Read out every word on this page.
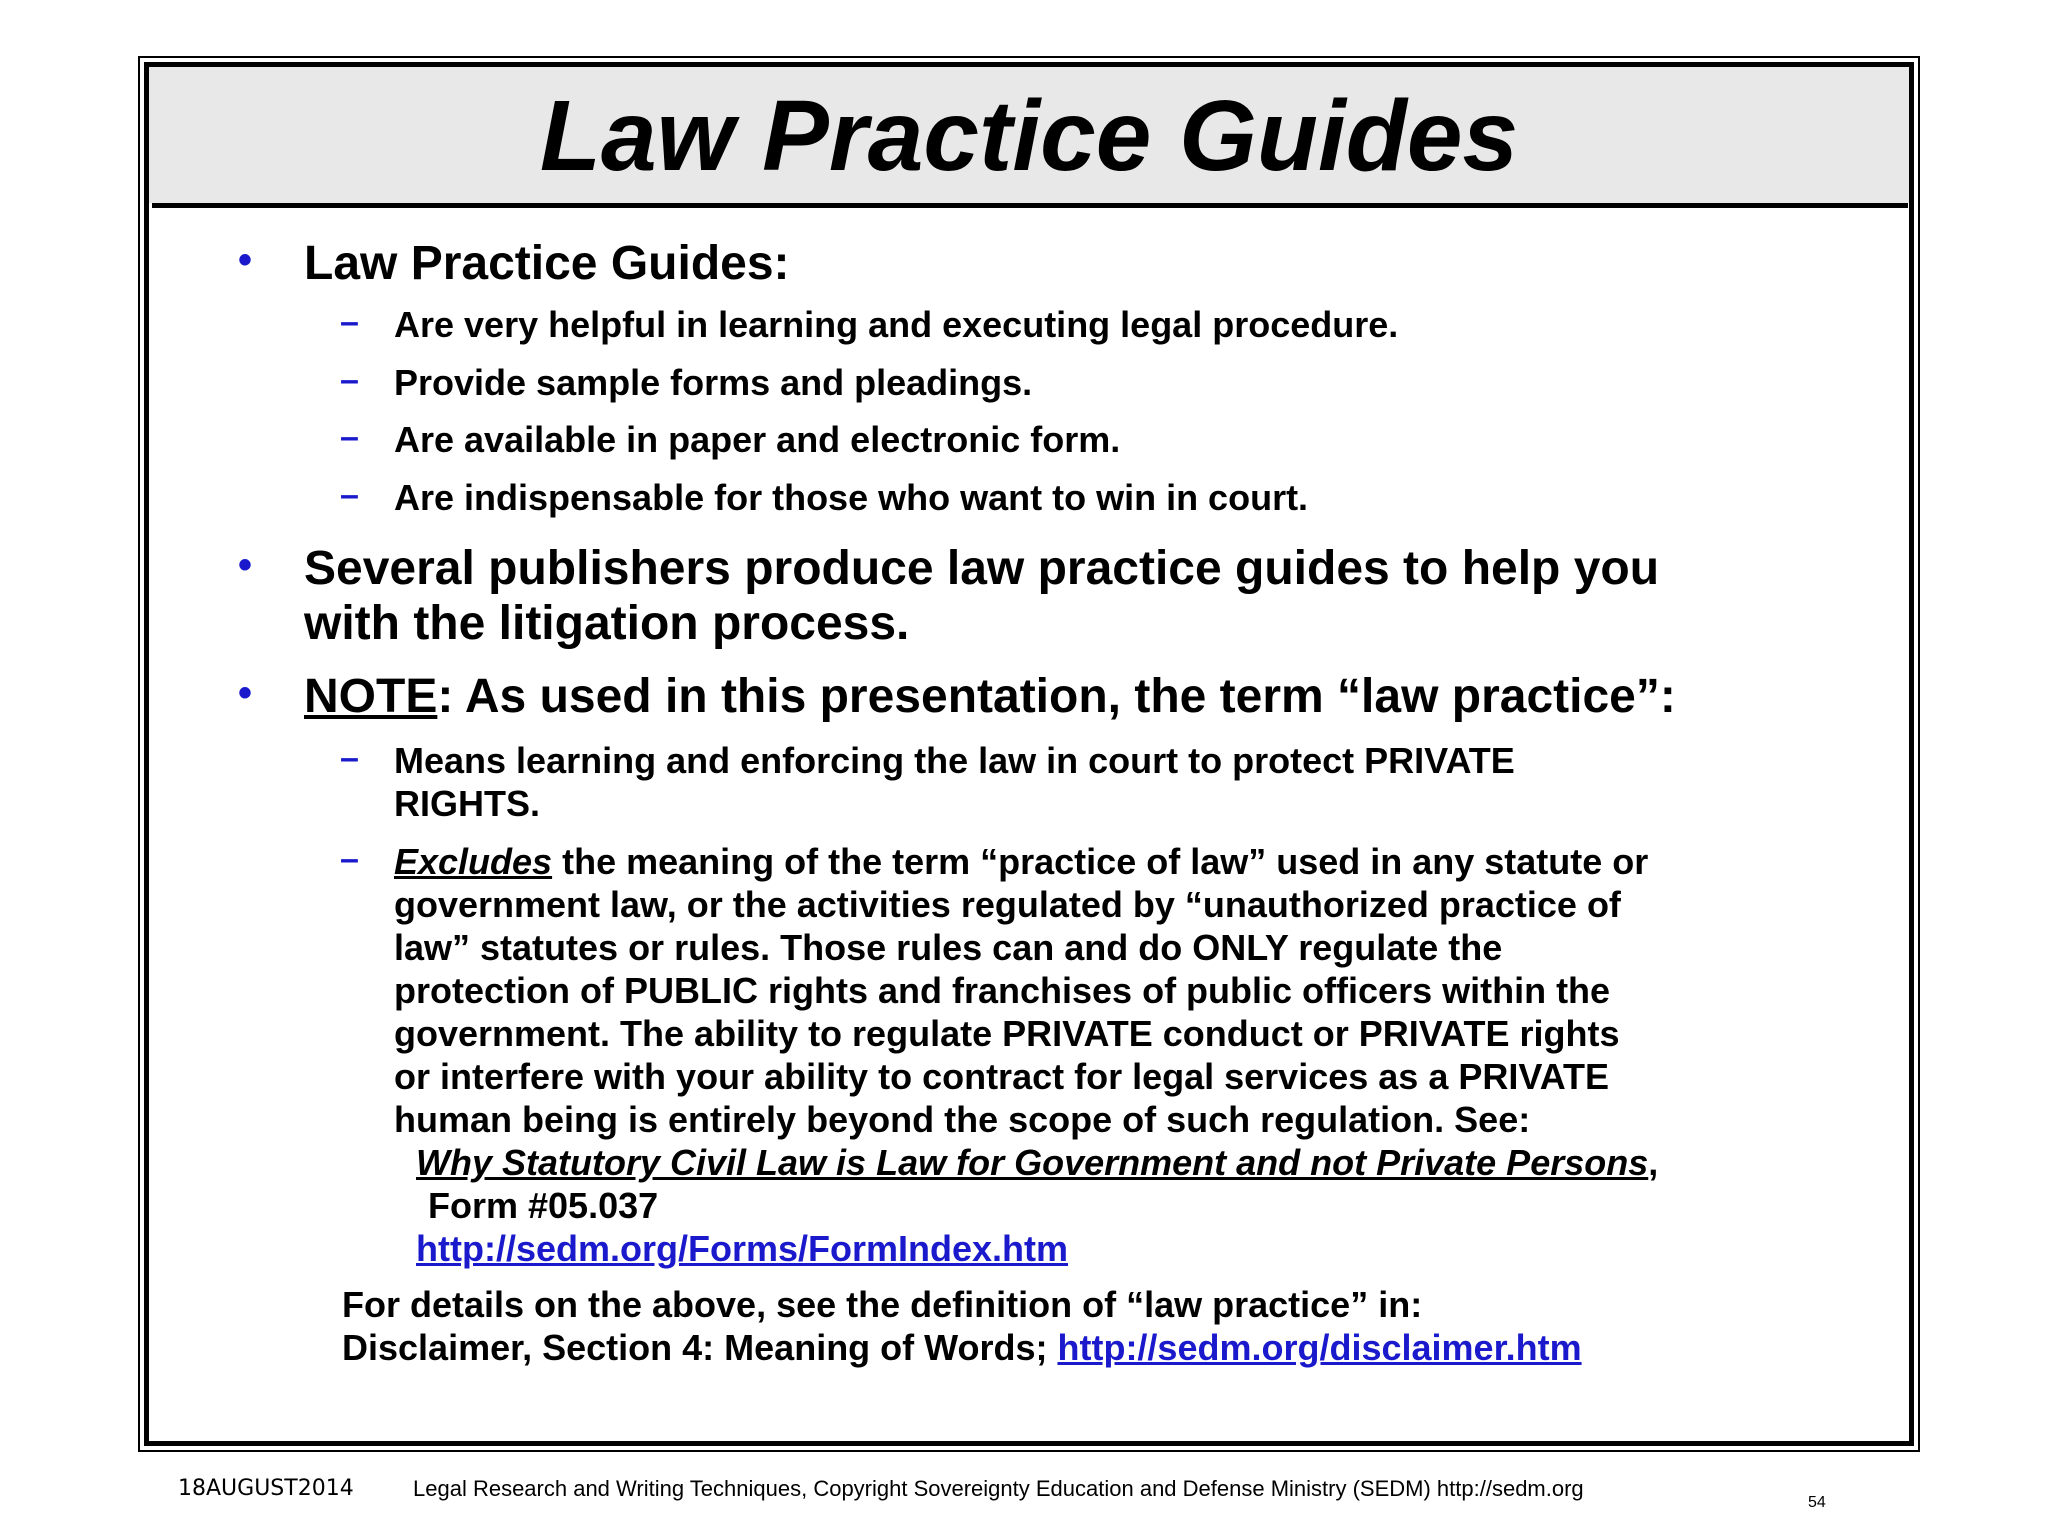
Law Practice Guides
• Law Practice Guides:
– Are very helpful in learning and executing legal procedure.
– Provide sample forms and pleadings.
– Are available in paper and electronic form.
– Are indispensable for those who want to win in court.
• Several publishers produce law practice guides to help you
with the litigation process.
• NOTE: As used in this presentation, the term “law practice”:
– Means learning and enforcing the law in court to protect PRIVATE
RIGHTS.
– Excludes the meaning of the term “practice of law” used in any statute or
government law, or the activities regulated by “unauthorized practice of
law” statutes or rules. Those rules can and do ONLY regulate the
protection of PUBLIC rights and franchises of public officers within the
government. The ability to regulate PRIVATE conduct or PRIVATE rights
or interfere with your ability to contract for legal services as a PRIVATE
human being is entirely beyond the scope of such regulation. See:
Why Statutory Civil Law is Law for Government and not Private Persons,
Form #05.037
http://sedm.org/Forms/FormIndex.htm
For details on the above, see the definition of “law practice” in:
Disclaimer, Section 4: Meaning of Words; http://sedm.org/disclaimer.htm
18AUGUST2014	Legal Research and Writing Techniques, Copyright Sovereignty Education and Defense Ministry (SEDM) http://sedm.org
54
